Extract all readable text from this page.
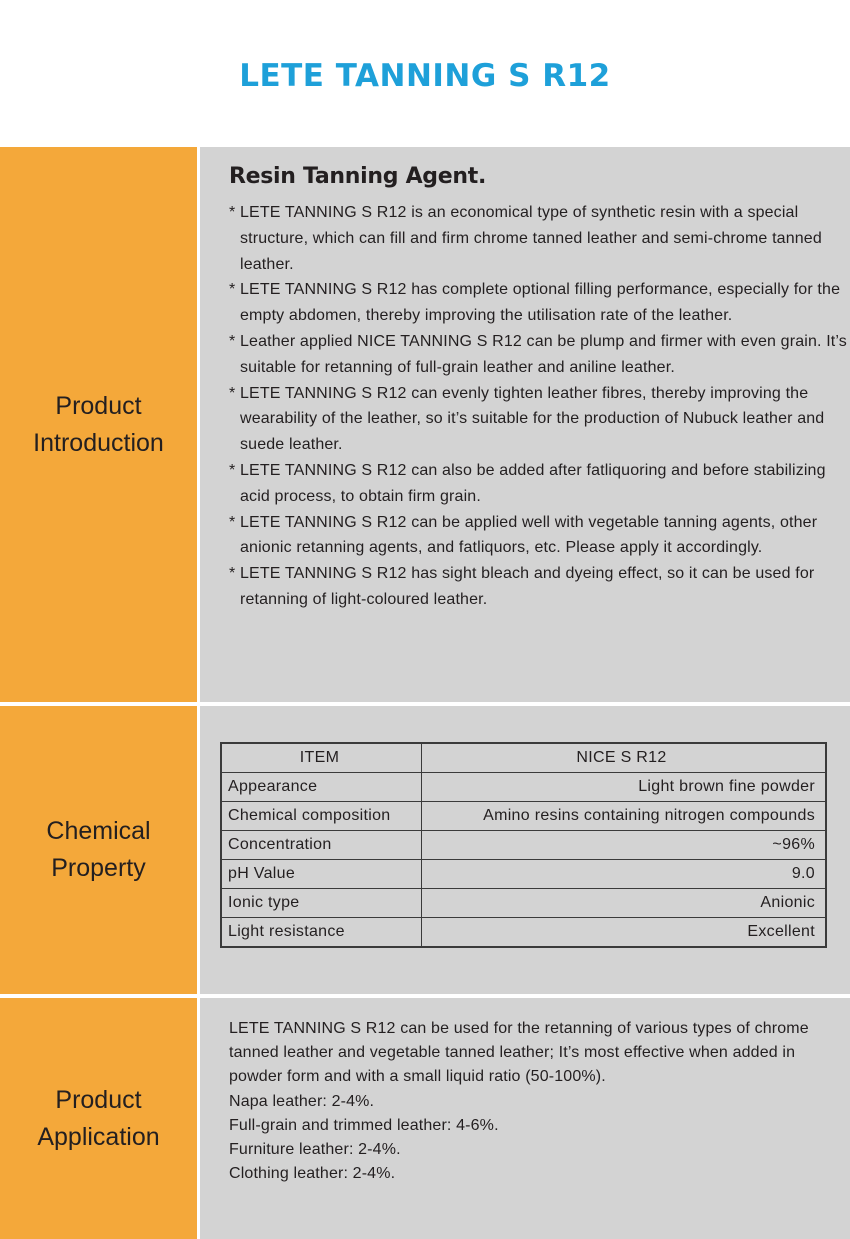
LETE TANNING S R12
Product
Introduction
Resin Tanning Agent.
* LETE TANNING S R12 is an economical type of synthetic resin with a special structure, which can fill and firm chrome tanned leather and semi-chrome tanned leather.
* LETE TANNING S R12 has complete optional filling performance, especially for the empty abdomen, thereby improving the utilisation rate of the leather.
* Leather applied NICE TANNING S R12 can be plump and firmer with even grain. It’s suitable for retanning of full-grain leather and aniline leather.
* LETE TANNING S R12 can evenly tighten leather fibres, thereby improving the wearability of the leather, so it’s suitable for the production of Nubuck leather and suede leather.
* LETE TANNING S R12 can also be added after fatliquoring and before stabilizing acid process, to obtain firm grain.
* LETE TANNING S R12 can be applied well with vegetable tanning agents, other anionic retanning agents, and fatliquors, etc. Please apply it accordingly.
* LETE TANNING S R12 has sight bleach and dyeing effect, so it can be used for retanning of light-coloured leather.
Chemical
Property
ITEM	NICE S R12
Appearance	Light brown fine powder
Chemical composition	Amino resins containing nitrogen compounds
Concentration	~96%
pH Value	9.0
Ionic type	Anionic
Light resistance	Excellent
Product
Application

LETE TANNING S R12 can be used for the retanning of various types of chrome tanned leather and vegetable tanned leather; It’s most effective when added in powder form and with a small liquid ratio (50-100%).

Napa leather: 2-4%.

Full-grain and trimmed leather: 4-6%.

Furniture leather: 2-4%.

Clothing leather: 2-4%.
